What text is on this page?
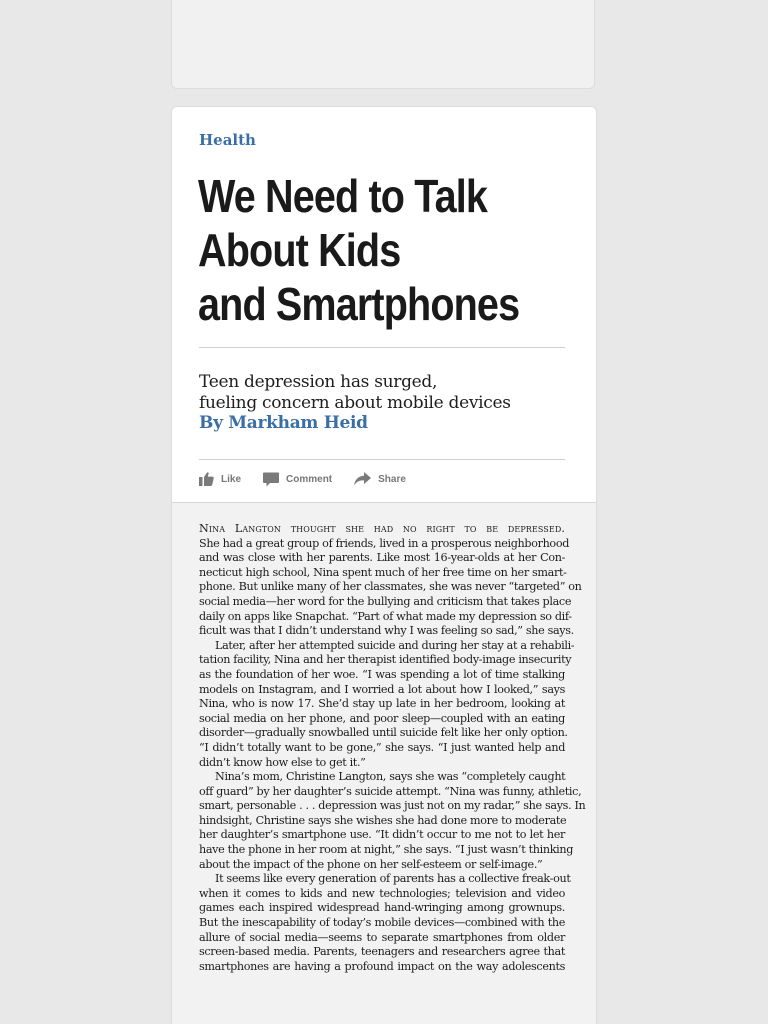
Health
We Need to Talk
About Kids
and Smartphones
Teen depression has surged,
fueling concern about mobile devices
By Markham Heid
Like	Comment	Share
Nina Langton thought she had no right to be depressed.
She had a great group of friends, lived in a prosperous neighborhood
and was close with her parents. Like most 16-year-olds at her Con-
necticut high school, Nina spent much of her free time on her smart-
phone. But unlike many of her classmates, she was never “targeted” on
social media—her word for the bullying and criticism that takes place
daily on apps like Snapchat. “Part of what made my depression so dif-
ficult was that I didn’t understand why I was feeling so sad,” she says.
Later, after her attempted suicide and during her stay at a rehabili-
tation facility, Nina and her therapist identified body-image insecurity
as the foundation of her woe. “I was spending a lot of time stalking
models on Instagram, and I worried a lot about how I looked,” says
Nina, who is now 17. She’d stay up late in her bedroom, looking at
social media on her phone, and poor sleep—coupled with an eating
disorder—gradually snowballed until suicide felt like her only option.
“I didn’t totally want to be gone,” she says. “I just wanted help and
didn’t know how else to get it.”
Nina’s mom, Christine Langton, says she was “completely caught
off guard” by her daughter’s suicide attempt. “Nina was funny, athletic,
smart, personable . . . depression was just not on my radar,” she says. In
hindsight, Christine says she wishes she had done more to moderate
her daughter’s smartphone use. “It didn’t occur to me not to let her
have the phone in her room at night,” she says. “I just wasn’t thinking
about the impact of the phone on her self-esteem or self-image.”
It seems like every generation of parents has a collective freak-out
when it comes to kids and new technologies; television and video
games each inspired widespread hand-wringing among grownups.
But the inescapability of today’s mobile devices—combined with the
allure of social media—seems to separate smartphones from older
screen-based media. Parents, teenagers and researchers agree that
smartphones are having a profound impact on the way adolescents
